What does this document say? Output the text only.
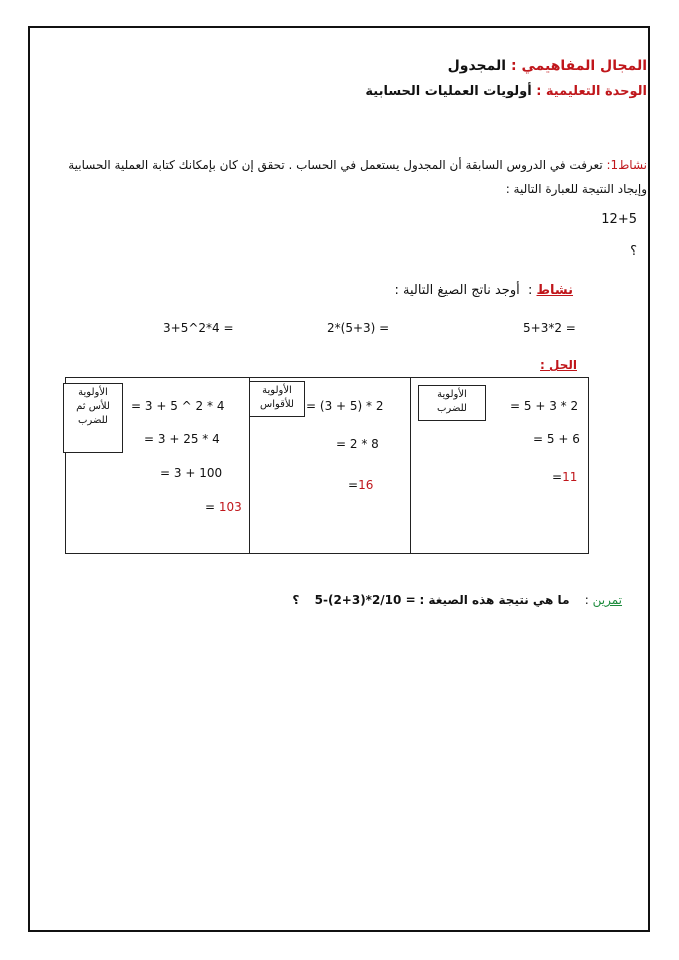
المجال المفاهيمي : المجدول
الوحدة التعليمية : أولويات العمليات الحسابية
نشاط1: تعرفت في الدروس السابقة أن المجدول يستعمل في الحساب . تحقق إن كان بإمكانك كتابة العملية الحسابية
وإيجاد النتيجة للعبارة التالية :
12+5
؟
نشاط :  أوجد ناتج الصيغ التالية :
5+3*2 =
2*(5+3) =
3+5^2*4 =
الحل :
الأولوية للضرب	2 * 3 + 5 =
6 + 5 =
=11
الأولوية للأقواس	2 * (5 + 3) =
8 * 2 =
=16
الأولوية للأس ثم للضرب
4 * 2 ^ 5 + 3 =
4 * 25 + 3 =
100 + 3 =
= 103
تمرين :    ما هي نتيجة هذه الصيغة : 5-(2+3)*2/10 =    ؟
